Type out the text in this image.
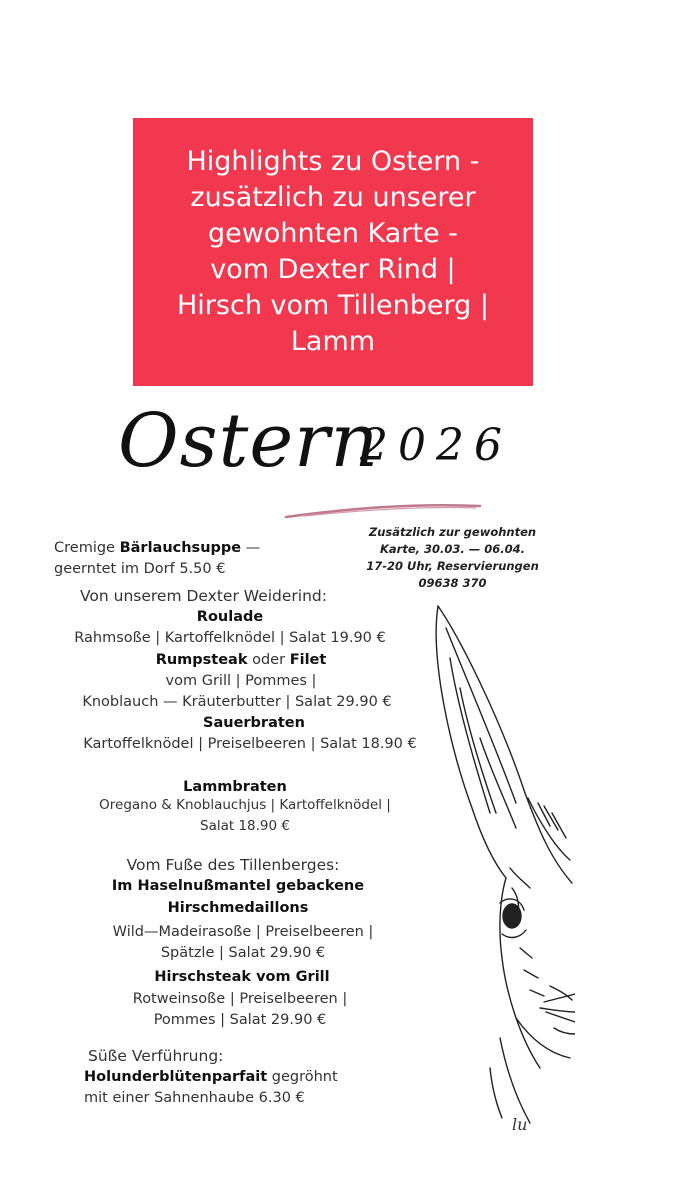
Highlights zu Ostern -
zusätzlich zu unserer
gewohnten Karte -
vom Dexter Rind |
Hirsch vom Tillenberg |
Lamm
Ostern
2026
Zusätzlich zur gewohnten
Karte, 30.03. — 06.04.
17-20 Uhr, Reservierungen
09638 370
Cremige Bärlauchsuppe —
geerntet im Dorf 5.50 €
Von unserem Dexter Weiderind:
Roulade
Rahmsoße | Kartoffelknödel | Salat 19.90 €
Rumpsteak oder Filet
vom Grill | Pommes |
Knoblauch — Kräuterbutter | Salat 29.90 €
Sauerbraten
Kartoffelknödel | Preiselbeeren | Salat 18.90 €
Lammbraten
Oregano & Knoblauchjus | Kartoffelknödel |
Salat 18.90 €
Vom Fuße des Tillenberges:
Im Haselnußmantel gebackene
Hirschmedaillons
Wild—Madeirasoße | Preiselbeeren |
Spätzle | Salat 29.90 €
Hirschsteak vom Grill
Rotweinsoße | Preiselbeeren |
Pommes | Salat 29.90 €
Süße Verführung:
Holunderblütenparfait gegröhnt
mit einer Sahnenhaube 6.30 €
lu
